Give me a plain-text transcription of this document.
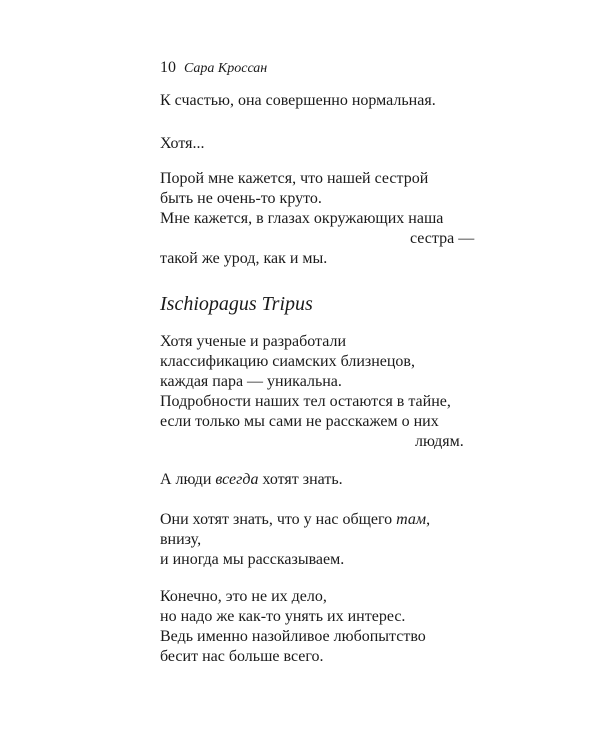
10 Сара Кроссан
К счастью, она совершенно нормальная.
Хотя...
Порой мне кажется, что нашей сестрой
быть не очень-то круто.
Мне кажется, в глазах окружающих наша
сестра —
такой же урод, как и мы.
Ischiopagus Tripus
Хотя ученые и разработали
классификацию сиамских близнецов,
каждая пара — уникальна.
Подробности наших тел остаются в тайне,
если только мы сами не расскажем о них
людям.
А люди всегда хотят знать.
Они хотят знать, что у нас общего там,
внизу,
и иногда мы рассказываем.
Конечно, это не их дело,
но надо же как-то унять их интерес.
Ведь именно назойливое любопытство
бесит нас больше всего.
